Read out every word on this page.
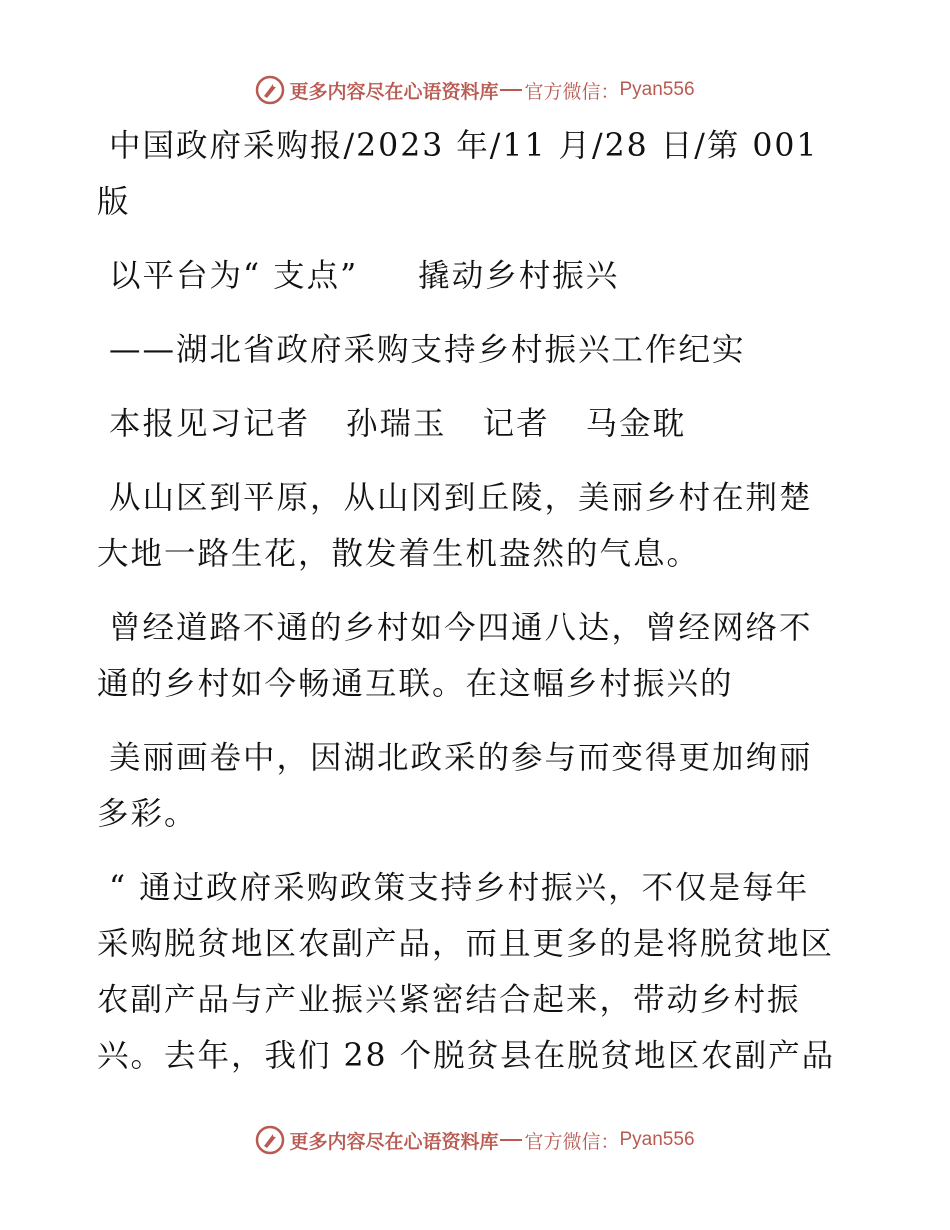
更多内容尽在心语资料库 官方微信： Pyan556
中国政府采购报/2023 年/11 月/28 日/第 001
版
以平台为“ 支点”     撬动乡村振兴
——湖北省政府采购支持乡村振兴工作纪实
本报见习记者   孙瑞玉   记者   马金耽
从山区到平原，从山冈到丘陵，美丽乡村在荆楚
大地一路生花，散发着生机盎然的气息。
曾经道路不通的乡村如今四通八达，曾经网络不
通的乡村如今畅通互联。在这幅乡村振兴的
美丽画卷中，因湖北政采的参与而变得更加绚丽
多彩。
“ 通过政府采购政策支持乡村振兴，不仅是每年
采购脱贫地区农副产品，而且更多的是将脱贫地区
农副产品与产业振兴紧密结合起来，带动乡村振
兴。去年，我们 28 个脱贫县在脱贫地区农副产品
更多内容尽在心语资料库 官方微信： Pyan556
